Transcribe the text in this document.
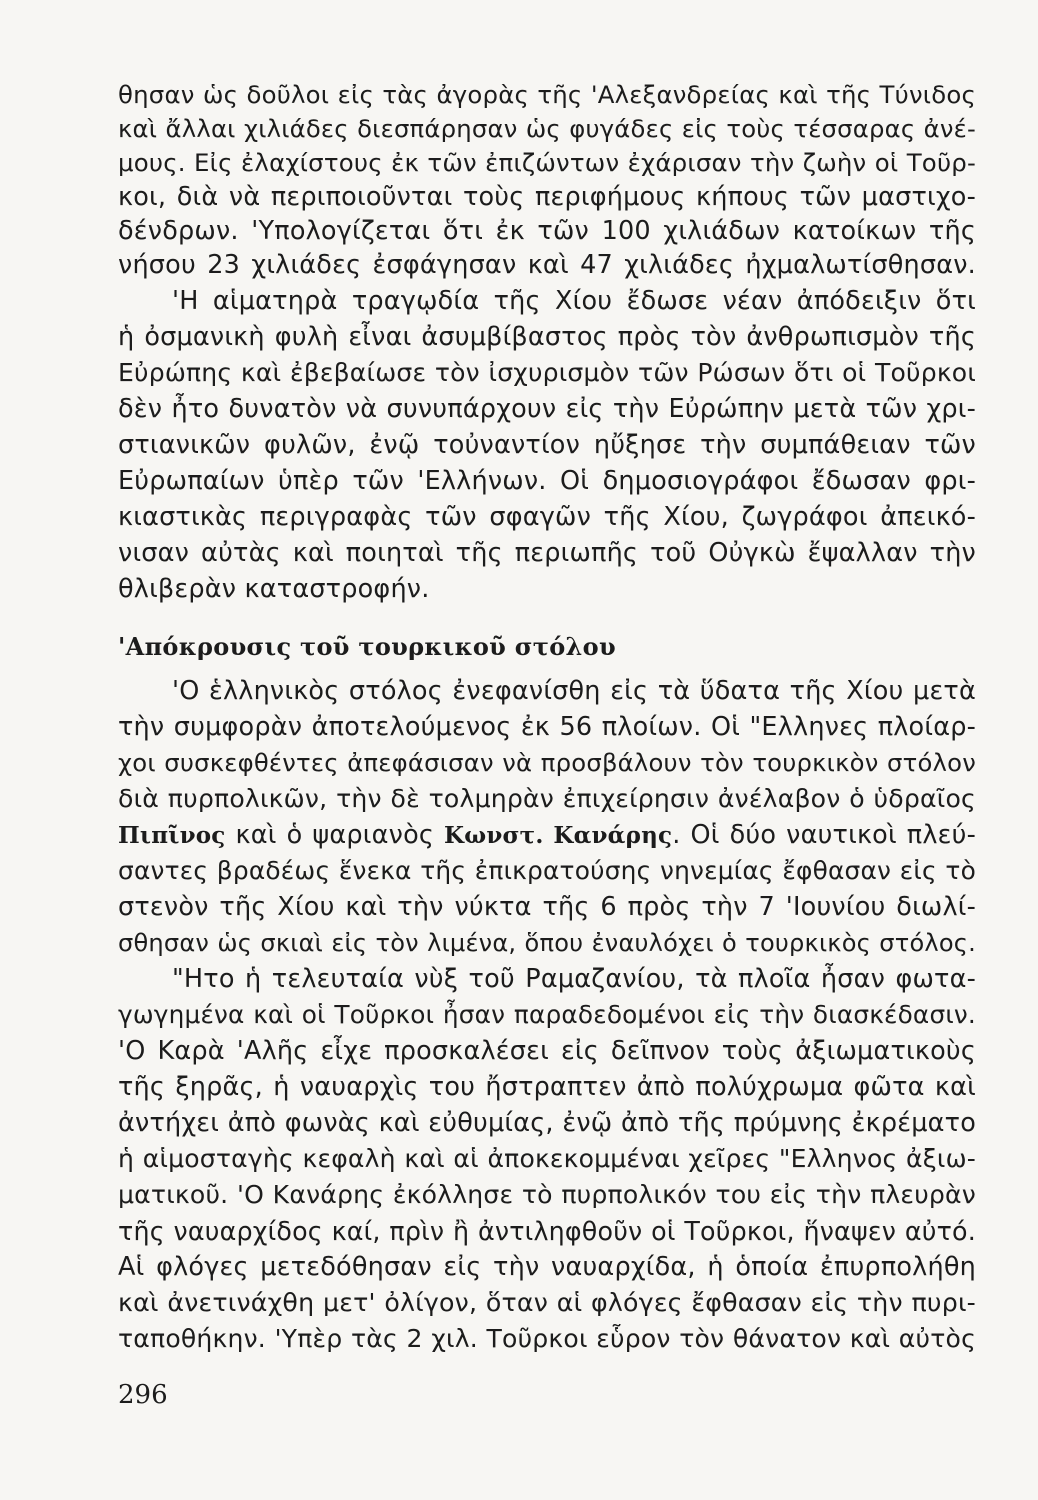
θησαν ὡς δοῦλοι εἰς τὰς ἀγορὰς τῆς 'Αλεξανδρείας καὶ τῆς Τύνιδος
καὶ ἄλλαι χιλιάδες διεσπάρησαν ὡς φυγάδες εἰς τοὺς τέσσαρας ἀνέ-
μους. Εἰς ἐλαχίστους ἐκ τῶν ἐπιζώντων ἐχάρισαν τὴν ζωὴν οἱ Τοῦρ-
κοι, διὰ νὰ περιποιοῦνται τοὺς περιφήμους κήπους τῶν μαστιχο-
δένδρων. 'Υπολογίζεται ὅτι ἐκ τῶν 100 χιλιάδων κατοίκων τῆς
νήσου 23 χιλιάδες ἐσφάγησαν καὶ 47 χιλιάδες ἠχμαλωτίσθησαν.
'Η αἱματηρὰ τραγῳδία τῆς Χίου ἔδωσε νέαν ἀπόδειξιν ὅτι
ἡ ὀσμανικὴ φυλὴ εἶναι ἀσυμβίβαστος πρὸς τὸν ἀνθρωπισμὸν τῆς
Εὐρώπης καὶ ἐβεβαίωσε τὸν ἰσχυρισμὸν τῶν Ρώσων ὅτι οἱ Τοῦρκοι
δὲν ἦτο δυνατὸν νὰ συνυπάρχουν εἰς τὴν Εὐρώπην μετὰ τῶν χρι-
στιανικῶν φυλῶν, ἐνῷ τοὐναντίον ηὔξησε τὴν συμπάθειαν τῶν
Εὐρωπαίων ὑπὲρ τῶν 'Ελλήνων. Οἱ δημοσιογράφοι ἔδωσαν φρι-
κιαστικὰς περιγραφὰς τῶν σφαγῶν τῆς Χίου, ζωγράφοι ἀπεικό-
νισαν αὐτὰς καὶ ποιηταὶ τῆς περιωπῆς τοῦ Οὐγκὼ ἔψαλλαν τὴν
θλιβερὰν καταστροφήν.
'Απόκρουσις τοῦ τουρκικοῦ στόλου
'Ο ἑλληνικὸς στόλος ἐνεφανίσθη εἰς τὰ ὕδατα τῆς Χίου μετὰ
τὴν συμφορὰν ἀποτελούμενος ἐκ 56 πλοίων. Οἱ "Ελληνες πλοίαρ-
χοι συσκεφθέντες ἀπεφάσισαν νὰ προσβάλουν τὸν τουρκικὸν στόλον
διὰ πυρπολικῶν, τὴν δὲ τολμηρὰν ἐπιχείρησιν ἀνέλαβον ὁ ὑδραῖος
Πιπῖνος καὶ ὁ ψαριανὸς Κωνστ. Κανάρης. Οἱ δύο ναυτικοὶ πλεύ-
σαντες βραδέως ἕνεκα τῆς ἐπικρατούσης νηνεμίας ἔφθασαν εἰς τὸ
στενὸν τῆς Χίου καὶ τὴν νύκτα τῆς 6 πρὸς τὴν 7 'Ιουνίου διωλί-
σθησαν ὡς σκιαὶ εἰς τὸν λιμένα, ὅπου ἐναυλόχει ὁ τουρκικὸς στόλος.
"Ητο ἡ τελευταία νὺξ τοῦ Ραμαζανίου, τὰ πλοῖα ἦσαν φωτα-
γωγημένα καὶ οἱ Τοῦρκοι ἦσαν παραδεδομένοι εἰς τὴν διασκέδασιν.
'Ο Καρὰ 'Αλῆς εἶχε προσκαλέσει εἰς δεῖπνον τοὺς ἀξιωματικοὺς
τῆς ξηρᾶς, ἡ ναυαρχὶς του ἤστραπτεν ἀπὸ πολύχρωμα φῶτα καὶ
ἀντήχει ἀπὸ φωνὰς καὶ εὐθυμίας, ἐνῷ ἀπὸ τῆς πρύμνης ἐκρέματο
ἡ αἱμοσταγὴς κεφαλὴ καὶ αἱ ἀποκεκομμέναι χεῖρες "Ελληνος ἀξιω-
ματικοῦ. 'Ο Κανάρης ἐκόλλησε τὸ πυρπολικόν του εἰς τὴν πλευρὰν
τῆς ναυαρχίδος καί, πρὶν ἢ ἀντιληφθοῦν οἱ Τοῦρκοι, ἥναψεν αὐτό.
Αἱ φλόγες μετεδόθησαν εἰς τὴν ναυαρχίδα, ἡ ὁποία ἐπυρπολήθη
καὶ ἀνετινάχθη μετ' ὀλίγον, ὅταν αἱ φλόγες ἔφθασαν εἰς τὴν πυρι-
ταποθήκην. 'Υπὲρ τὰς 2 χιλ. Τοῦρκοι εὗρον τὸν θάνατον καὶ αὐτὸς
296
